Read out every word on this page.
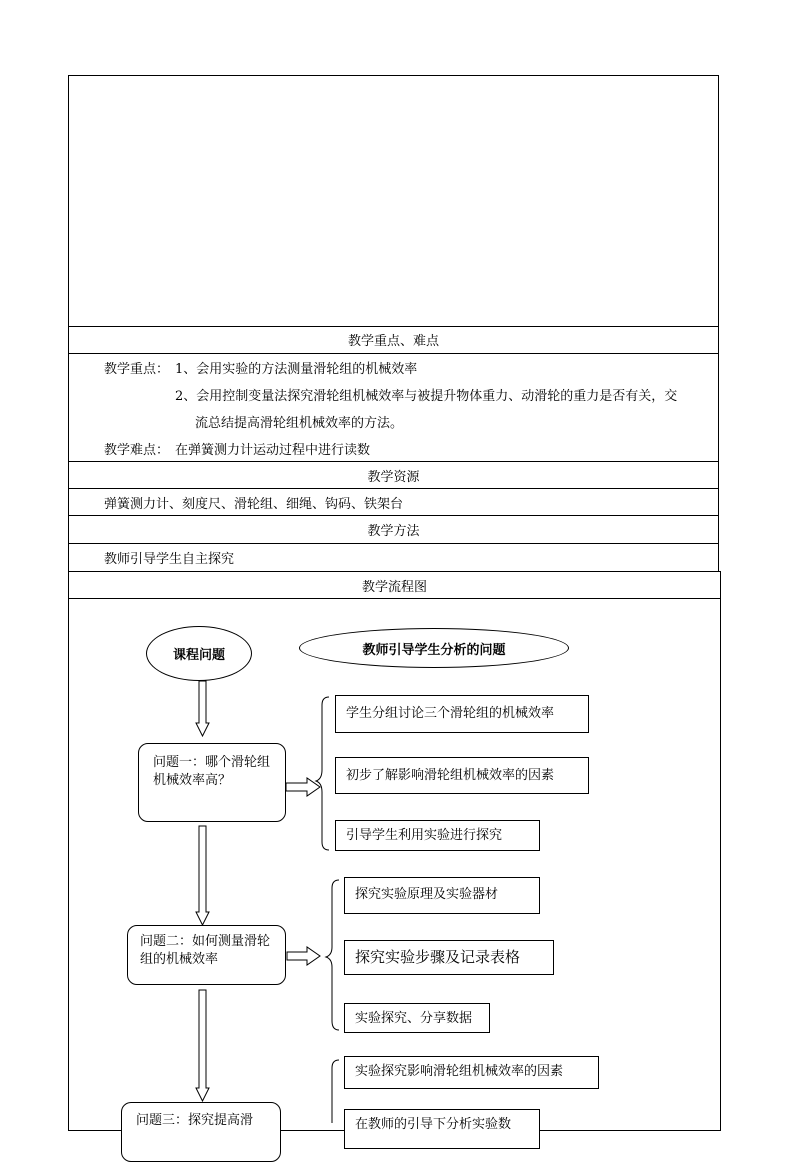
教学重点、难点
教学重点： 1、会用实验的方法测量滑轮组的机械效率
2、会用控制变量法探究滑轮组机械效率与被提升物体重力、动滑轮的重力是否有关，交
流总结提高滑轮组机械效率的方法。
教学难点： 在弹簧测力计运动过程中进行读数
教学资源
弹簧测力计、刻度尺、滑轮组、细绳、钩码、铁架台
教学方法
教师引导学生自主探究
教学流程图
课程问题	教师引导学生分析的问题
问题一：哪个滑轮组
机械效率高？
学生分组讨论三个滑轮组的机械效率
初步了解影响滑轮组机械效率的因素
引导学生利用实验进行探究
问题二：如何测量滑轮
组的机械效率
探究实验原理及实验器材
探究实验步骤及记录表格
实验探究、分享数据
问题三：探究提高滑
实验探究影响滑轮组机械效率的因素
在教师的引导下分析实验数
